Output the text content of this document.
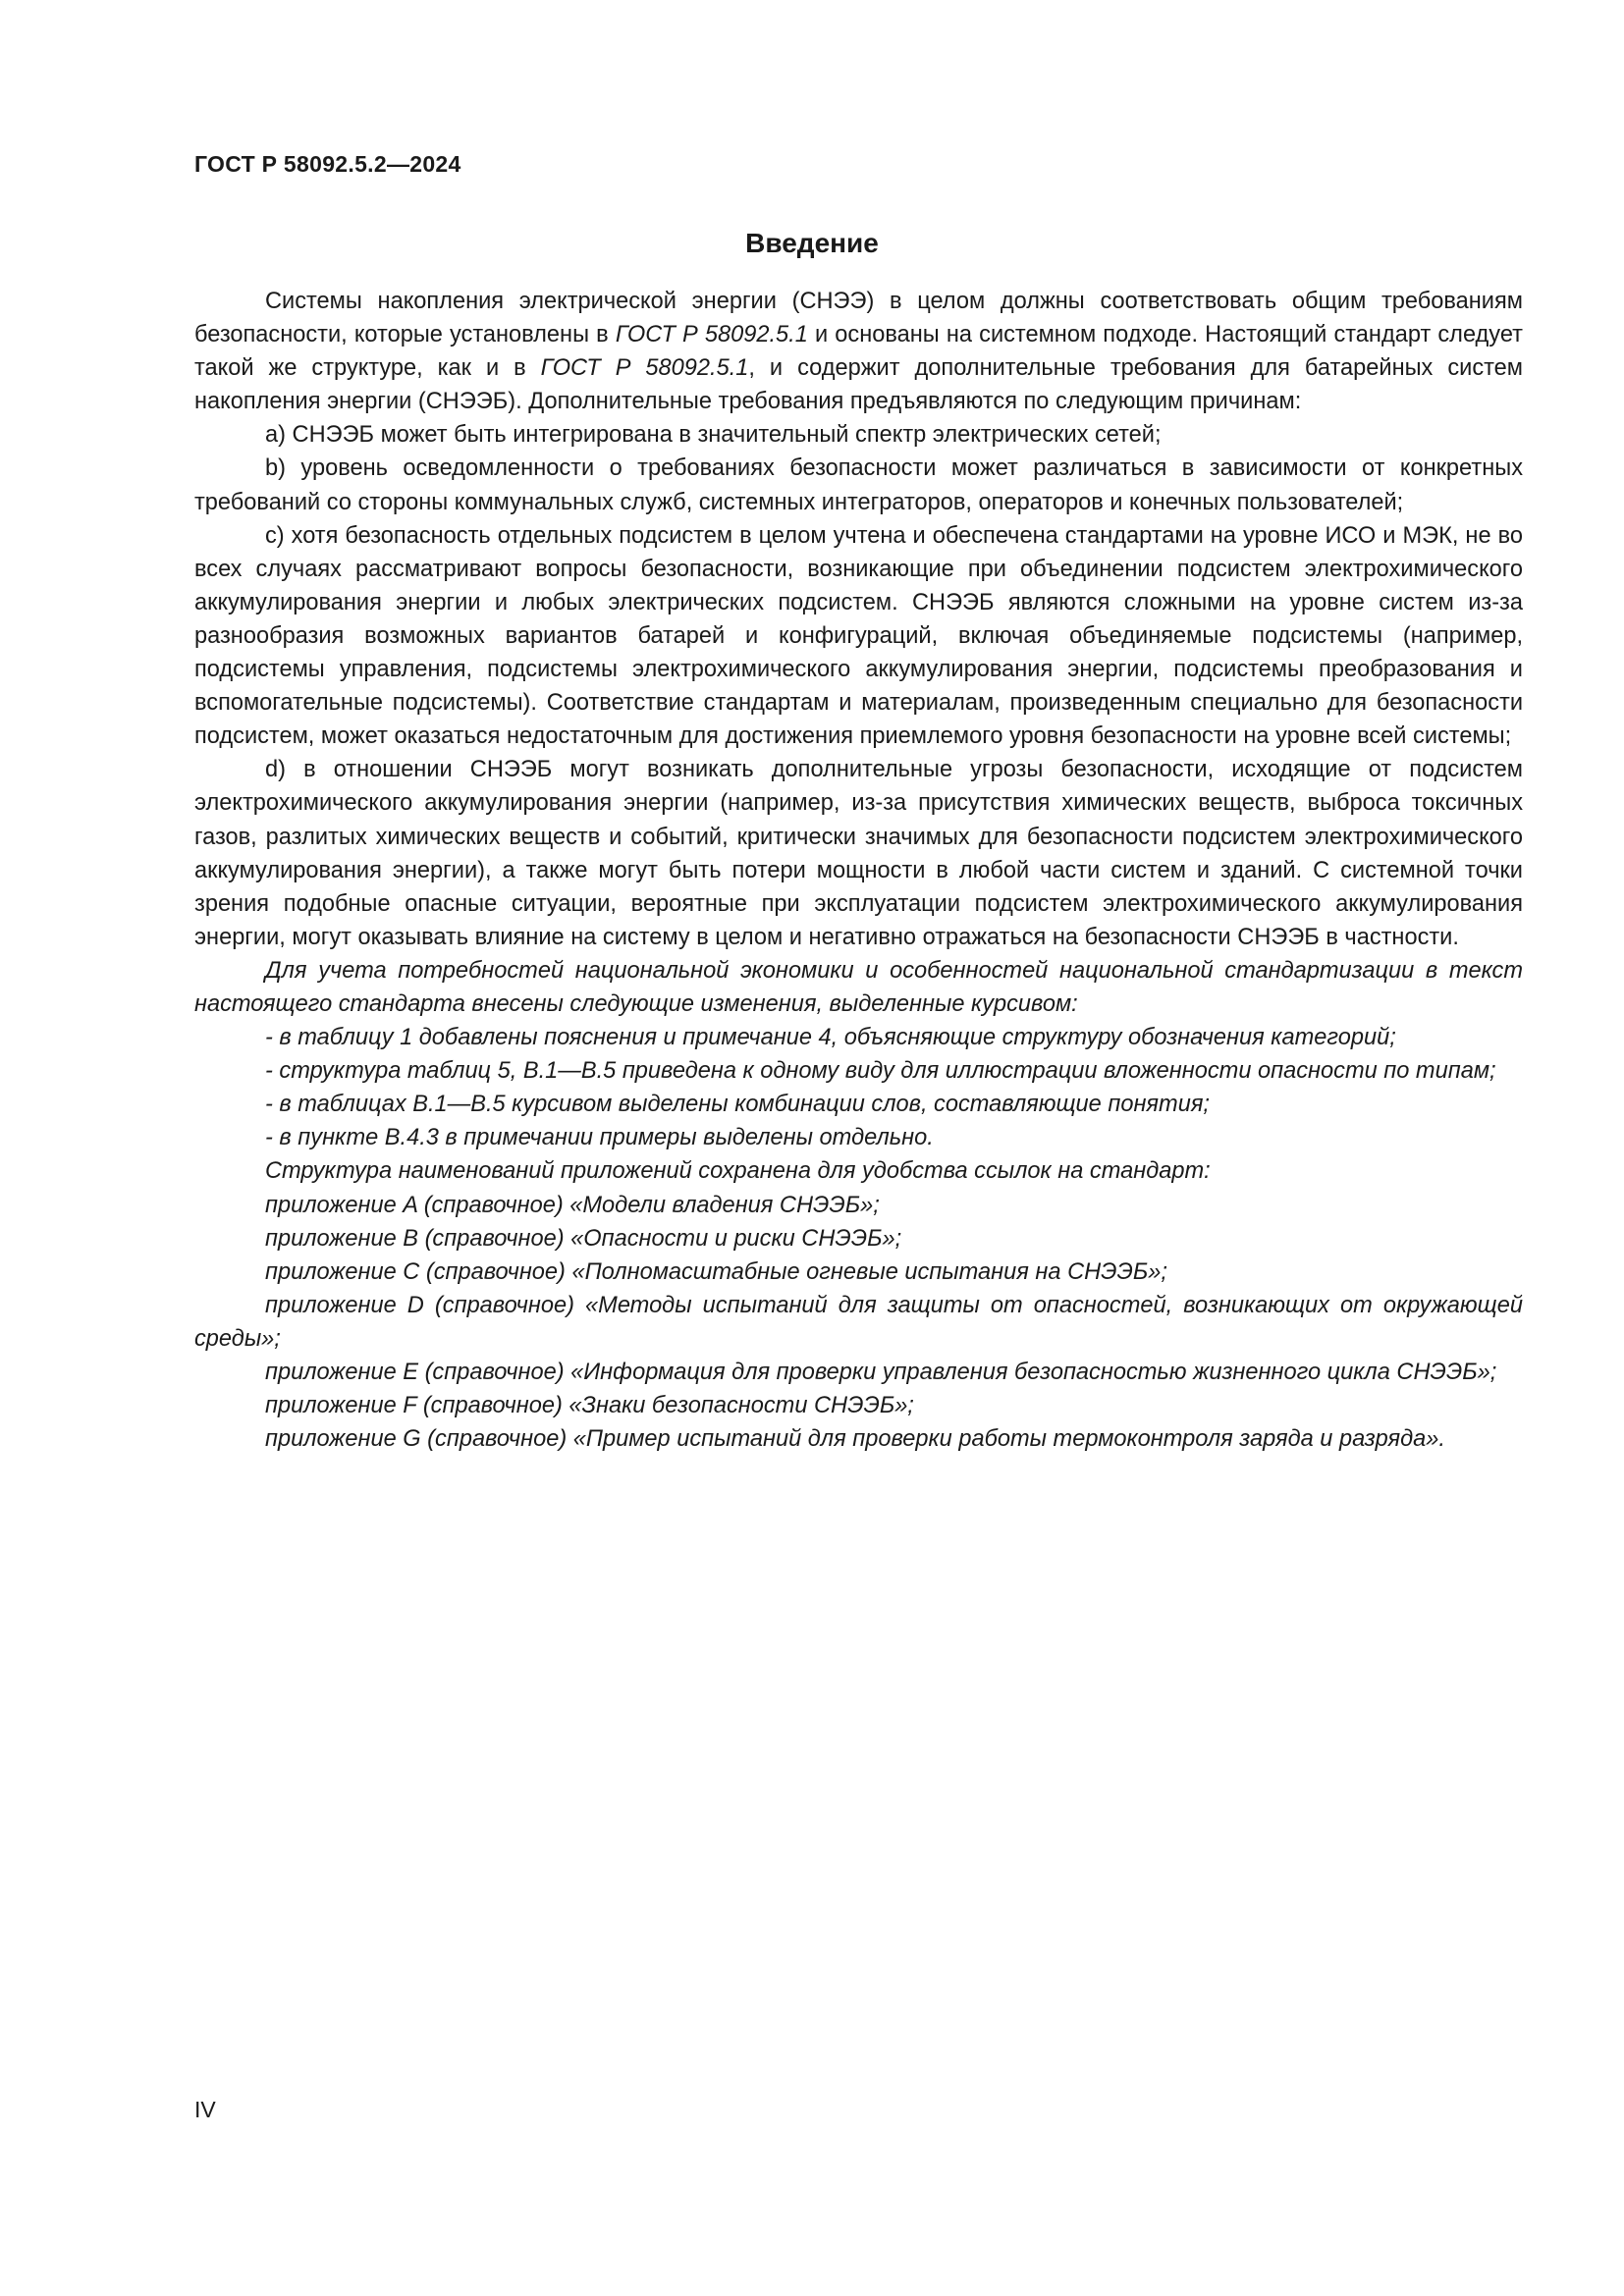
ГОСТ Р 58092.5.2—2024
Введение

Системы накопления электрической энергии (СНЭЭ) в целом должны соответствовать общим требованиям безопасности, которые установлены в ГОСТ Р 58092.5.1 и основаны на системном подходе. Настоящий стандарт следует такой же структуре, как и в ГОСТ Р 58092.5.1, и содержит дополнительные требования для батарейных систем накопления энергии (СНЭЭБ). Дополнительные требования предъявляются по следующим причинам:

a) СНЭЭБ может быть интегрирована в значительный спектр электрических сетей;

b) уровень осведомленности о требованиях безопасности может различаться в зависимости от конкретных требований со стороны коммунальных служб, системных интеграторов, операторов и конечных пользователей;

c) хотя безопасность отдельных подсистем в целом учтена и обеспечена стандартами на уровне ИСО и МЭК, не во всех случаях рассматривают вопросы безопасности, возникающие при объединении подсистем электрохимического аккумулирования энергии и любых электрических подсистем. СНЭЭБ являются сложными на уровне систем из-за разнообразия возможных вариантов батарей и конфигураций, включая объединяемые подсистемы (например, подсистемы управления, подсистемы электрохимического аккумулирования энергии, подсистемы преобразования и вспомогательные подсистемы). Соответствие стандартам и материалам, произведенным специально для безопасности подсистем, может оказаться недостаточным для достижения приемлемого уровня безопасности на уровне всей системы;

d) в отношении СНЭЭБ могут возникать дополнительные угрозы безопасности, исходящие от подсистем электрохимического аккумулирования энергии (например, из-за присутствия химических веществ, выброса токсичных газов, разлитых химических веществ и событий, критически значимых для безопасности подсистем электрохимического аккумулирования энергии), а также могут быть потери мощности в любой части систем и зданий. С системной точки зрения подобные опасные ситуации, вероятные при эксплуатации подсистем электрохимического аккумулирования энергии, могут оказывать влияние на систему в целом и негативно отражаться на безопасности СНЭЭБ в частности.

Для учета потребностей национальной экономики и особенностей национальной стандартизации в текст настоящего стандарта внесены следующие изменения, выделенные курсивом:

- в таблицу 1 добавлены пояснения и примечание 4, объясняющие структуру обозначения категорий;

- структура таблиц 5, B.1—B.5 приведена к одному виду для иллюстрации вложенности опасности по типам;

- в таблицах B.1—B.5 курсивом выделены комбинации слов, составляющие понятия;

- в пункте B.4.3 в примечании примеры выделены отдельно.

Структура наименований приложений сохранена для удобства ссылок на стандарт:

приложение A (справочное) «Модели владения СНЭЭБ»;

приложение B (справочное) «Опасности и риски СНЭЭБ»;

приложение C (справочное) «Полномасштабные огневые испытания на СНЭЭБ»;

приложение D (справочное) «Методы испытаний для защиты от опасностей, возникающих от окружающей среды»;

приложение E (справочное) «Информация для проверки управления безопасностью жизненного цикла СНЭЭБ»;

приложение F (справочное) «Знаки безопасности СНЭЭБ»;

приложение G (справочное) «Пример испытаний для проверки работы термоконтроля заряда и разряда».

IV
